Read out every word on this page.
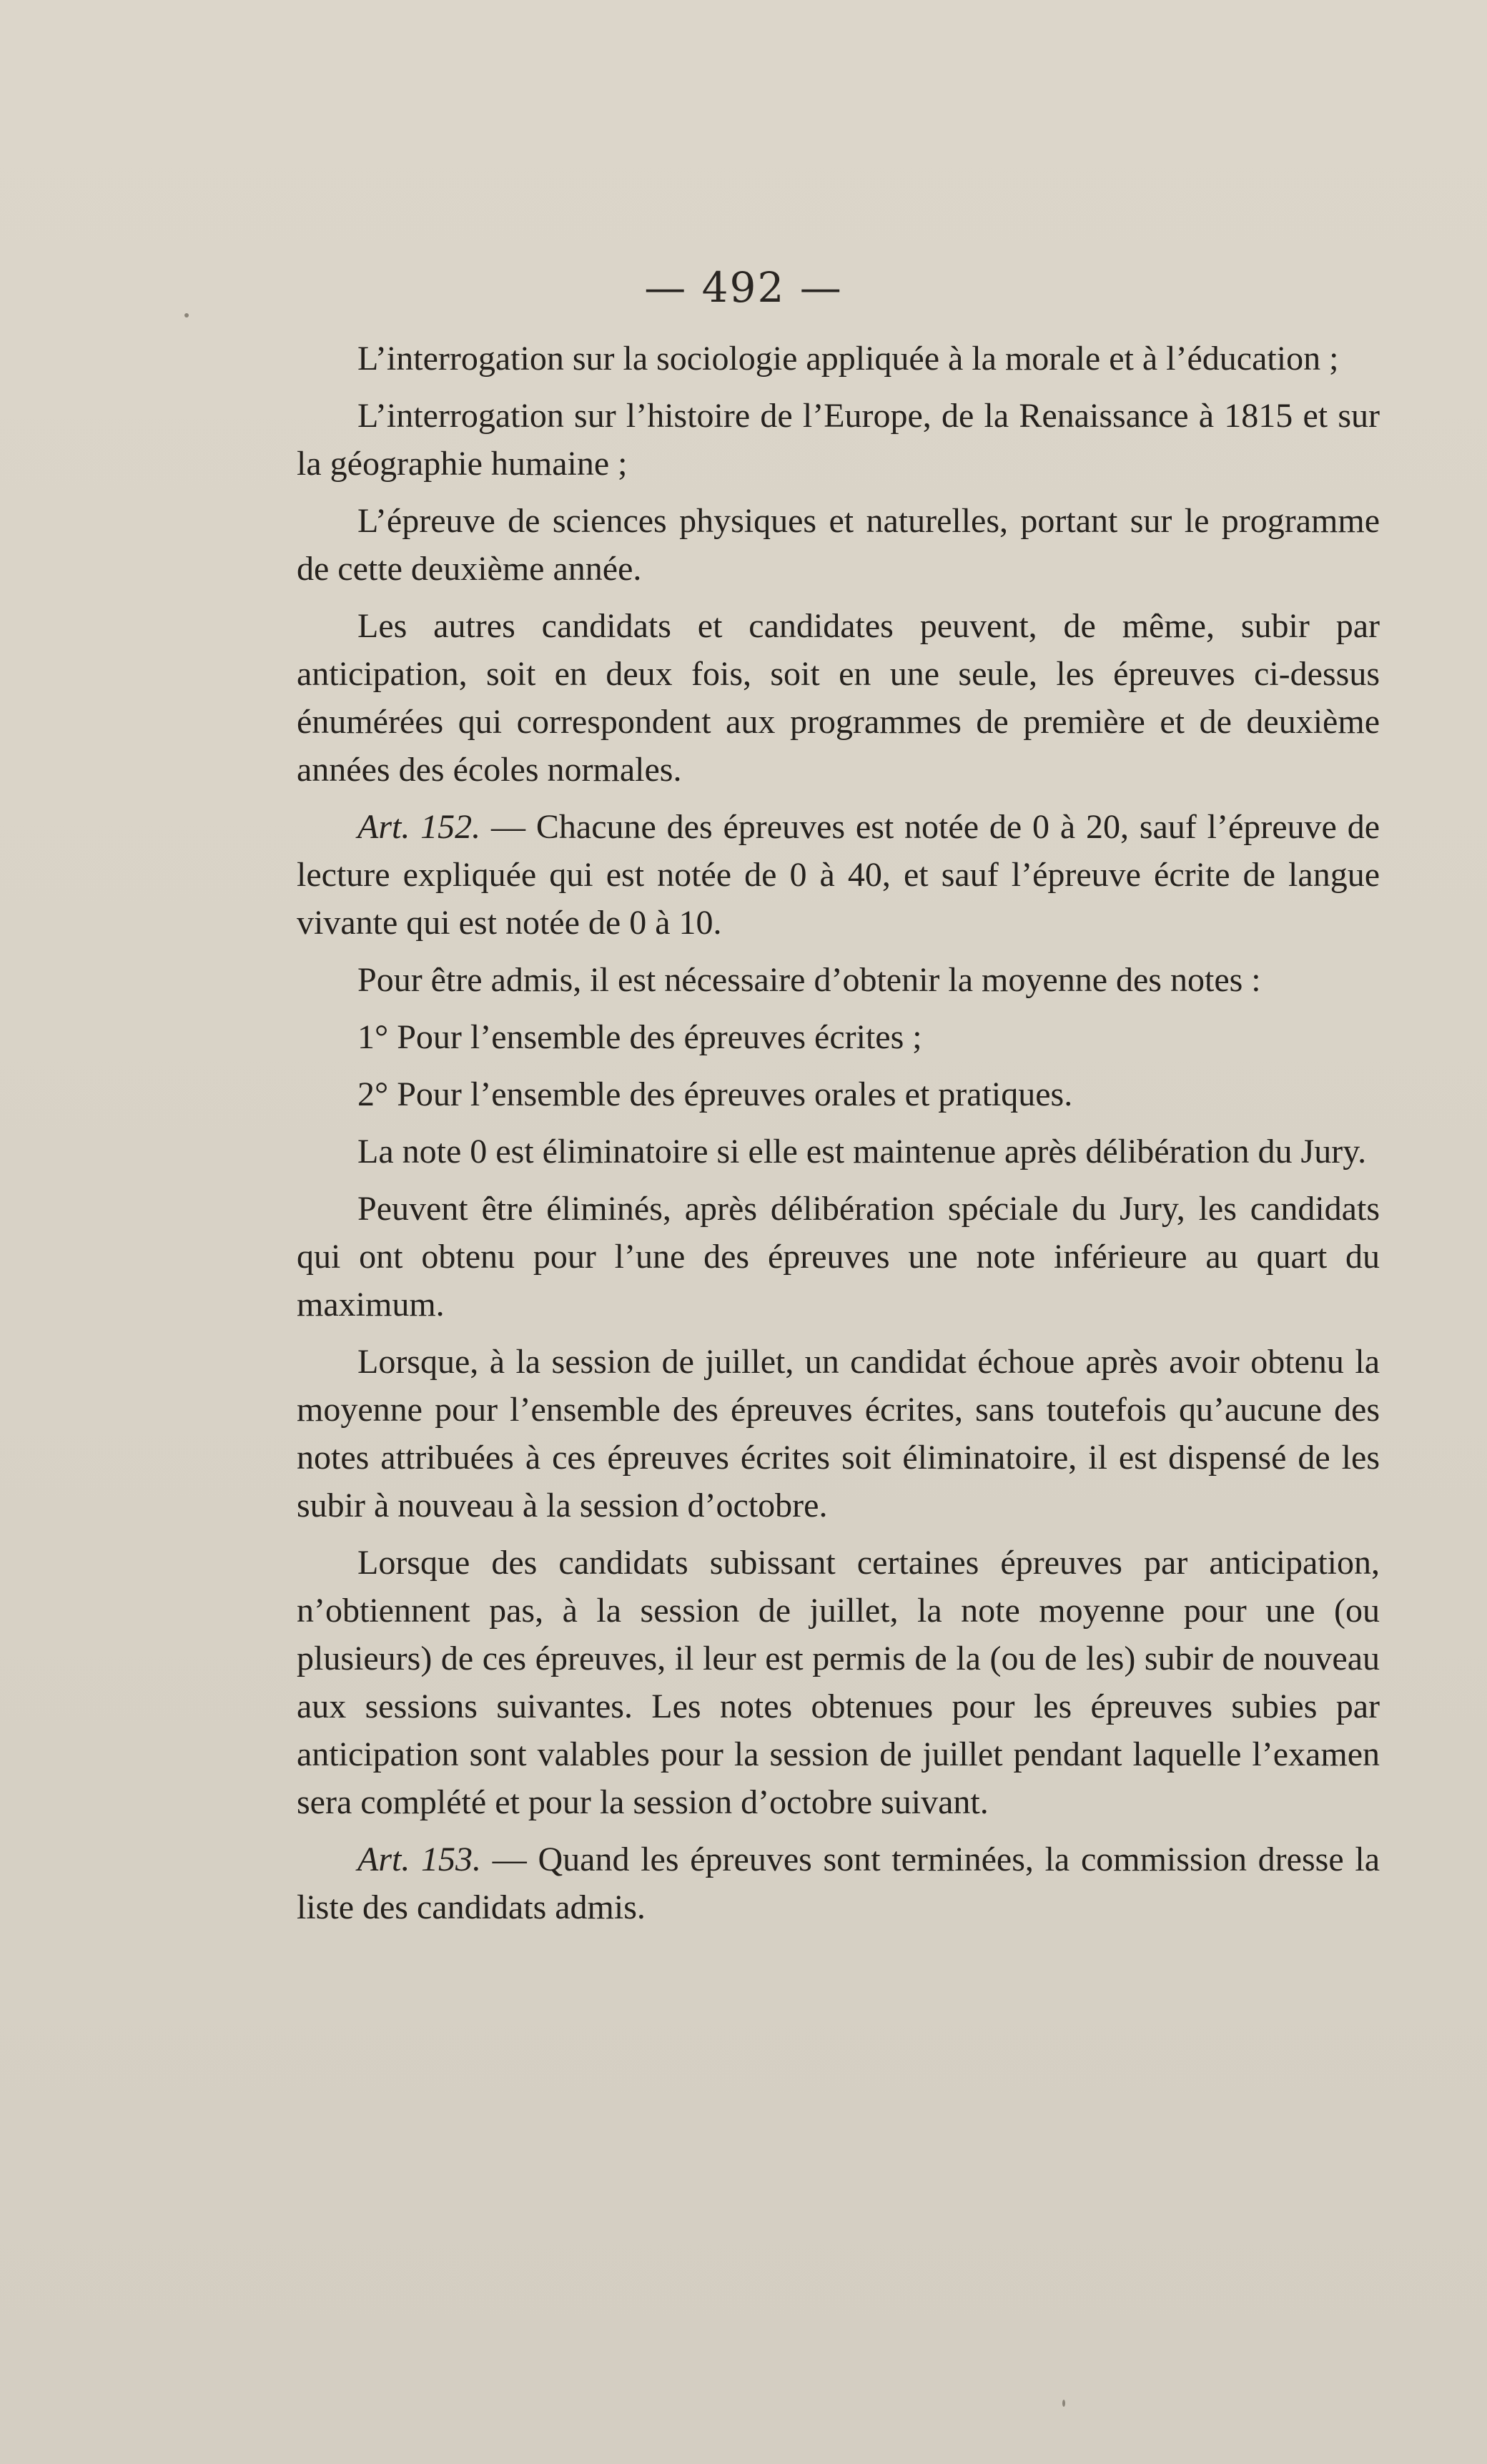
— 492 —

L’interrogation sur la sociologie appliquée à la morale et à l’éducation ;

L’interrogation sur l’histoire de l’Europe, de la Renaissance à 1815 et sur la géographie humaine ;

L’épreuve de sciences physiques et naturelles, portant sur le programme de cette deuxième année.

Les autres candidats et candidates peuvent, de même, subir par anticipation, soit en deux fois, soit en une seule, les épreuves ci-dessus énumérées qui correspondent aux programmes de première et de deuxième années des écoles normales.

Art. 152. — Chacune des épreuves est notée de 0 à 20, sauf l’épreuve de lecture expliquée qui est notée de 0 à 40, et sauf l’épreuve écrite de langue vivante qui est notée de 0 à 10.

Pour être admis, il est nécessaire d’obtenir la moyenne des notes :

1° Pour l’ensemble des épreuves écrites ;

2° Pour l’ensemble des épreuves orales et pratiques.

La note 0 est éliminatoire si elle est maintenue après délibération du Jury.

Peuvent être éliminés, après délibération spéciale du Jury, les candidats qui ont obtenu pour l’une des épreuves une note inférieure au quart du maximum.

Lorsque, à la session de juillet, un candidat échoue après avoir obtenu la moyenne pour l’ensemble des épreuves écrites, sans toutefois qu’aucune des notes attribuées à ces épreuves écrites soit éliminatoire, il est dispensé de les subir à nouveau à la session d’octobre.

Lorsque des candidats subissant certaines épreuves par anticipation, n’obtiennent pas, à la session de juillet, la note moyenne pour une (ou plusieurs) de ces épreuves, il leur est permis de la (ou de les) subir de nouveau aux sessions suivantes. Les notes obtenues pour les épreuves subies par anticipation sont valables pour la session de juillet pendant laquelle l’examen sera complété et pour la session d’octobre suivant.

Art. 153. — Quand les épreuves sont terminées, la commission dresse la liste des candidats admis.
